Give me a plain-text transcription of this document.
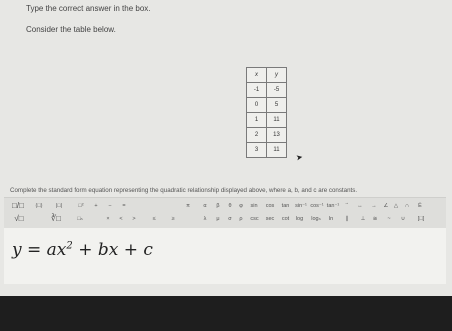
Type the correct answer in the box.
Consider the table below.
x	y
-1	-5
0	5
1	11
2	13
3	11
➤
Complete the standard form equation representing the quadratic relationship displayed above, where a, b, and c are constants.
□/□	(□)	|□|	□²	+	−	=	π	α	β	θ	φ	sin	cos	tan	sin⁻¹ cos⁻¹ tan⁻¹	↔	→	∠ △	∩	Ē
√□	∛□	□ₙ	×	<	>	≤	≥	λ	μ	σ	ρ	csc	sec	cot	log	logₙ	ln	∥	⊥	≅	~	∪	[□]
$y = ax^2$ + bx + c
